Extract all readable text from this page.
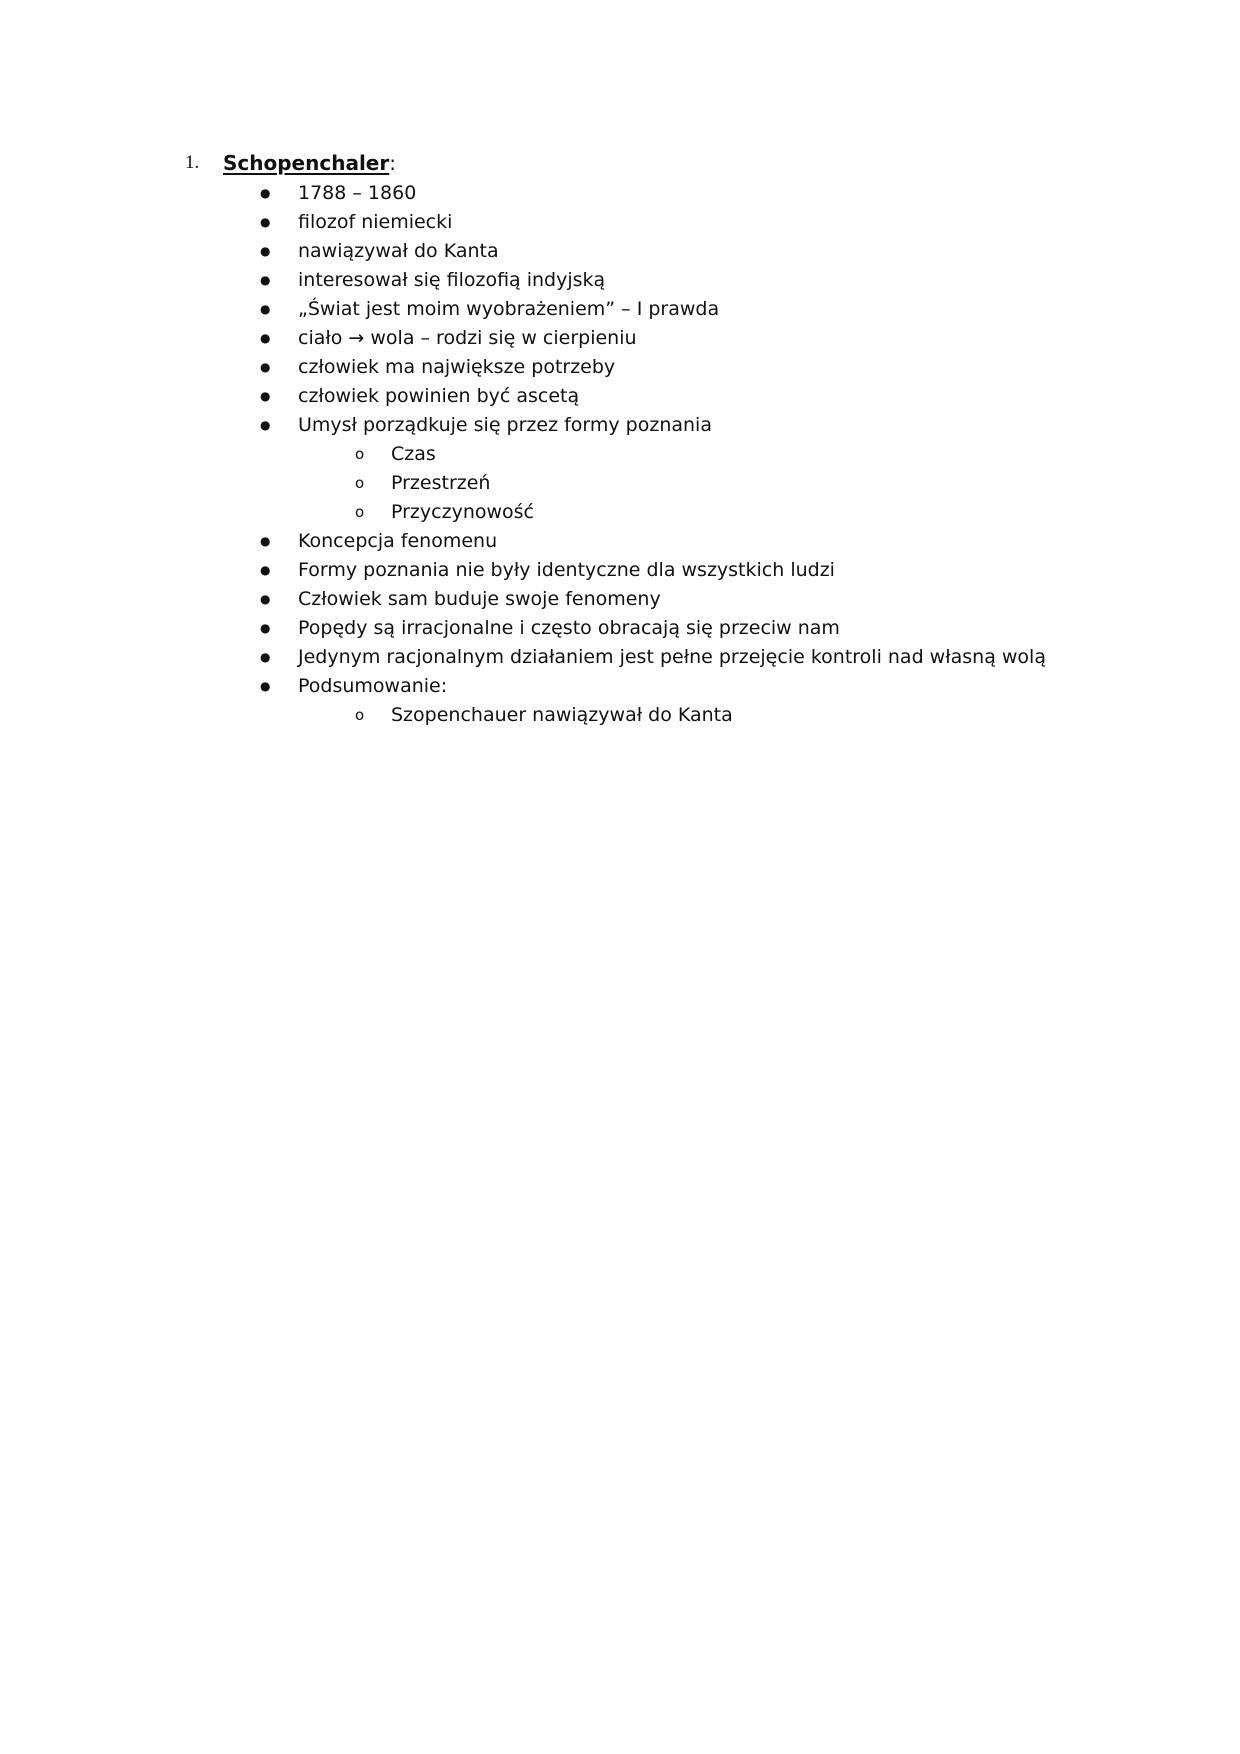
1.	Schopenchaler :
●	1788 – 1860
●	filozof niemiecki
●	nawiązywał do Kanta
●	interesował się filozofią indyjską
●	„Świat jest moim wyobrażeniem” – I prawda
●	ciało → wola – rodzi się w cierpieniu
●	człowiek ma największe potrzeby
●	człowiek powinien być ascetą
●	Umysł porządkuje się przez formy poznania
o	Czas
o	Przestrzeń
o	Przyczynowość
●	Koncepcja fenomenu
●	Formy poznania nie były identyczne dla wszystkich ludzi
●	Człowiek sam buduje swoje fenomeny
●	Popędy są irracjonalne i często obracają się przeciw nam
●	Jedynym racjonalnym działaniem jest pełne przejęcie kontroli nad własną wolą
●	Podsumowanie:
o	Szopenchauer nawiązywał do Kanta
